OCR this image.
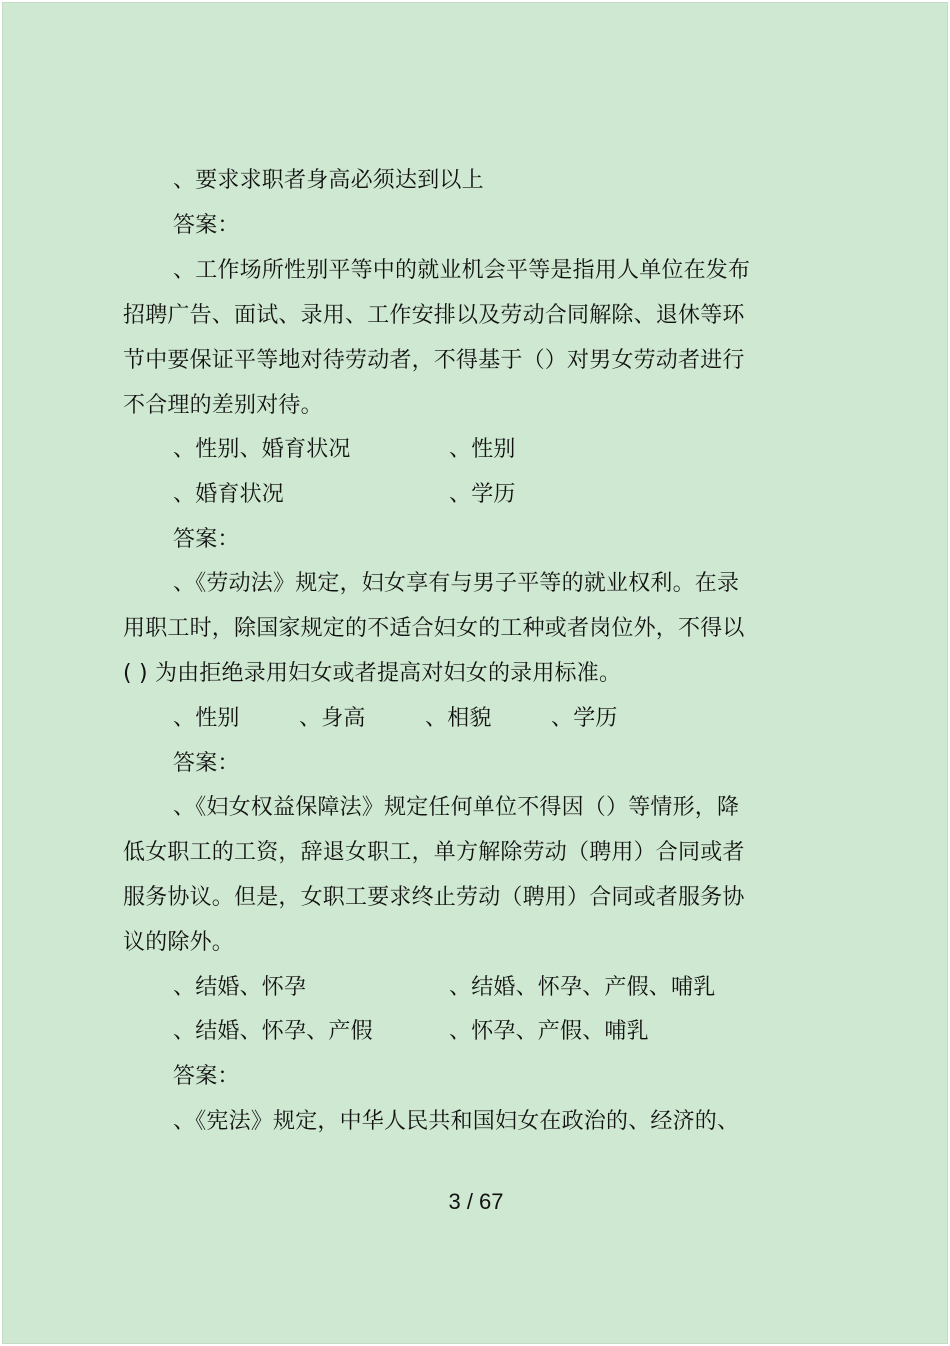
、要求求职者身高必须达到以上
答案：
、工作场所性别平等中的就业机会平等是指用人单位在发布
招聘广告、面试、录用、工作安排以及劳动合同解除、退休等环
节中要保证平等地对待劳动者，不得基于（）对男女劳动者进行
不合理的差别对待。
、性别、婚育状况	、性别
、婚育状况	、学历
答案：
、《劳动法》规定，妇女享有与男子平等的就业权利。在录
用职工时，除国家规定的不适合妇女的工种或者岗位外，不得以
( ) 为由拒绝录用妇女或者提高对妇女的录用标准。
、性别	、身高	、相貌	、学历
答案：
、《妇女权益保障法》规定任何单位不得因（）等情形，降
低女职工的工资，辞退女职工，单方解除劳动（聘用）合同或者
服务协议。但是，女职工要求终止劳动（聘用）合同或者服务协
议的除外。
、结婚、怀孕	、结婚、怀孕、产假、哺乳
、结婚、怀孕、产假	、怀孕、产假、哺乳
答案：
、《宪法》规定，中华人民共和国妇女在政治的、经济的、
3 / 67
